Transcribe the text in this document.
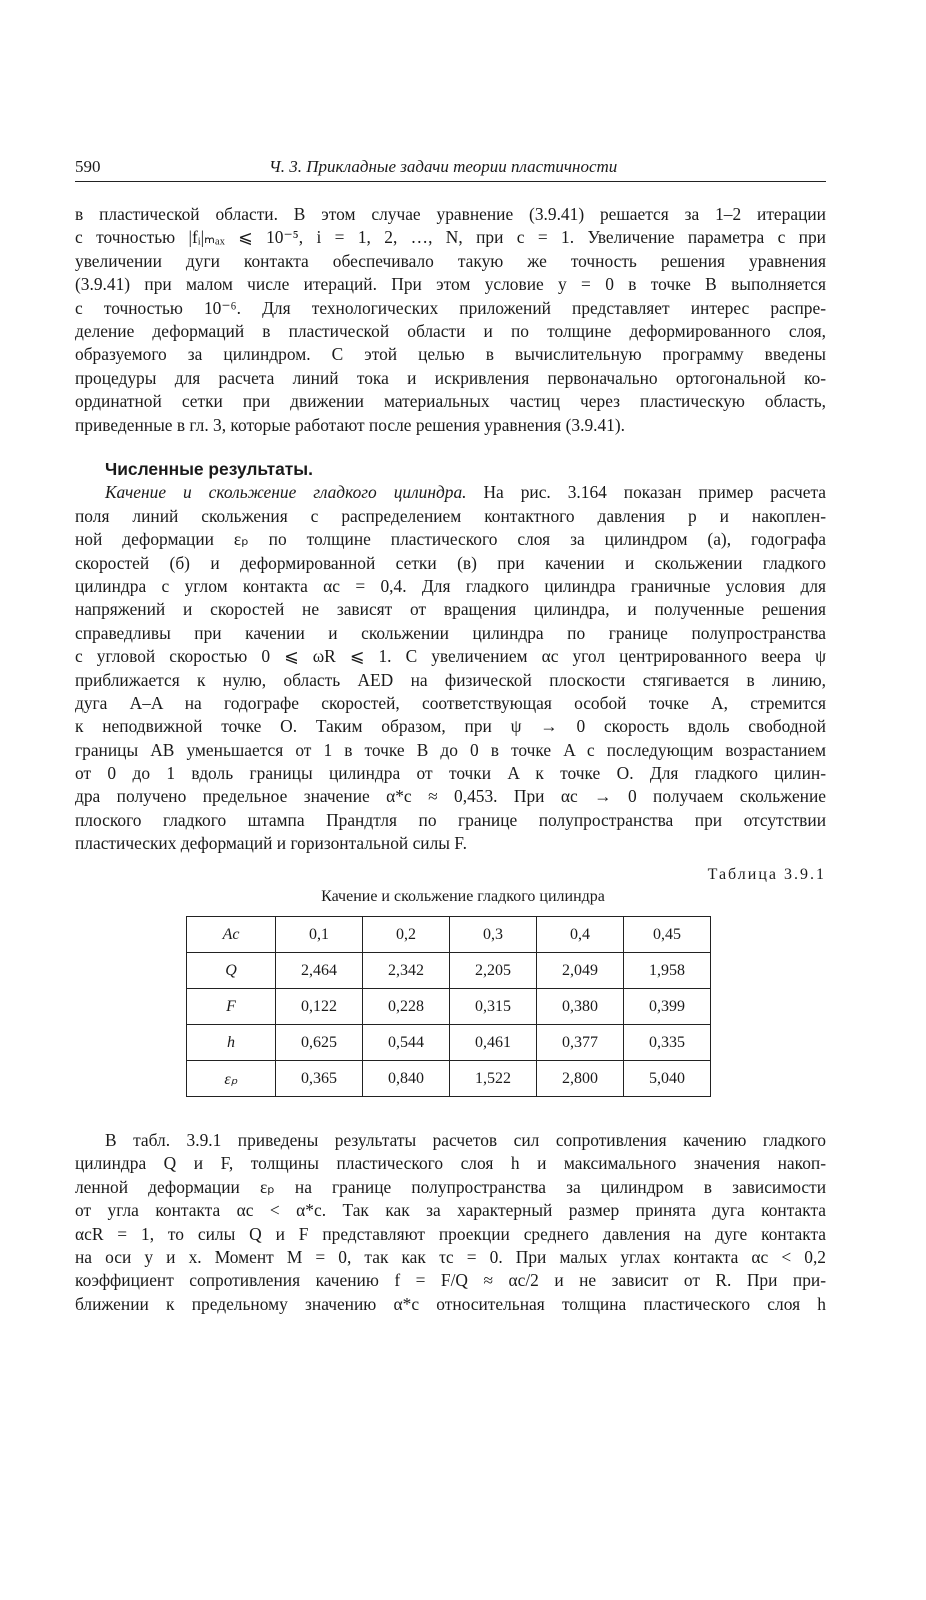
590	Ч. 3. Прикладные задачи теории пластичности
в пластической области. В этом случае уравнение (3.9.41) решается за 1–2 итерации
с точностью |fᵢ|ₘₐₓ ⩽ 10⁻⁵, i = 1, 2, …, N, при c = 1. Увеличение параметра c при
увеличении дуги контакта обеспечивало такую же точность решения уравнения
(3.9.41) при малом числе итераций. При этом условие y = 0 в точке B выполняется
с точностью 10⁻⁶. Для технологических приложений представляет интерес распре-
деление деформаций в пластической области и по толщине деформированного слоя,
образуемого за цилиндром. С этой целью в вычислительную программу введены
процедуры для расчета линий тока и искривления первоначально ортогональной ко-
ординатной сетки при движении материальных частиц через пластическую область,
приведенные в гл. 3, которые работают после решения уравнения (3.9.41).
Численные результаты.
Качение и скольжение гладкого цилиндра. На рис. 3.164 показан пример расчета
поля линий скольжения с распределением контактного давления p и накоплен-
ной деформации εₚ по толщине пластического слоя за цилиндром (а), годографа
скоростей (б) и деформированной сетки (в) при качении и скольжении гладкого
цилиндра с углом контакта αc = 0,4. Для гладкого цилиндра граничные условия для
напряжений и скоростей не зависят от вращения цилиндра, и полученные решения
справедливы при качении и скольжении цилиндра по границе полупространства
с угловой скоростью 0 ⩽ ωR ⩽ 1. С увеличением αc угол центрированного веера ψ
приближается к нулю, область AED на физической плоскости стягивается в линию,
дуга A–A на годографе скоростей, соответствующая особой точке A, стремится
к неподвижной точке O. Таким образом, при ψ → 0 скорость вдоль свободной
границы AB уменьшается от 1 в точке B до 0 в точке A с последующим возрастанием
от 0 до 1 вдоль границы цилиндра от точки A к точке O. Для гладкого цилин-
дра получено предельное значение α*c ≈ 0,453. При αc → 0 получаем скольжение
плоского гладкого штампа Прандтля по границе полупространства при отсутствии
пластических деформаций и горизонтальной силы F.
Таблица 3.9.1
Качение и скольжение гладкого цилиндра
Aс	0,1	0,2	0,3	0,4	0,45
Q	2,464	2,342	2,205	2,049	1,958
F	0,122	0,228	0,315	0,380	0,399
h	0,625	0,544	0,461	0,377	0,335
εₚ	0,365	0,840	1,522	2,800	5,040
В табл. 3.9.1 приведены результаты расчетов сил сопротивления качению гладкого
цилиндра Q и F, толщины пластического слоя h и максимального значения накоп-
ленной деформации εₚ на границе полупространства за цилиндром в зависимости
от угла контакта αc < α*c. Так как за характерный размер принята дуга контакта
αcR = 1, то силы Q и F представляют проекции среднего давления на дуге контакта
на оси y и x. Момент M = 0, так как τc = 0. При малых углах контакта αc < 0,2
коэффициент сопротивления качению f = F/Q ≈ αc/2 и не зависит от R. При при-
ближении к предельному значению α*c относительная толщина пластического слоя h
